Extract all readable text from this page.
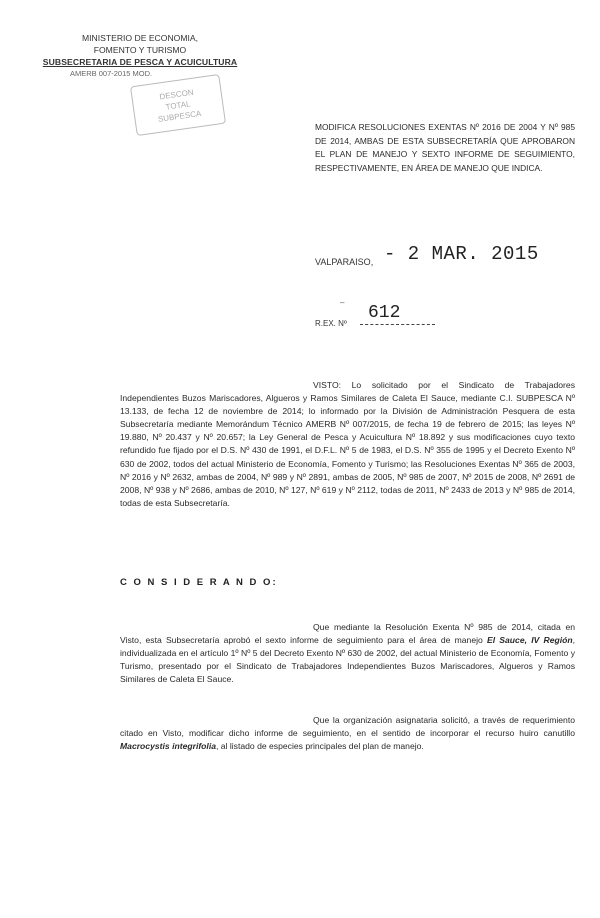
MINISTERIO DE ECONOMIA,
FOMENTO Y TURISMO
SUBSECRETARIA DE PESCA Y ACUICULTURA
AMERB 007-2015 MOD.
DESCON
TOTAL
SUBPESCA
MODIFICA RESOLUCIONES EXENTAS Nº 2016 DE 2004 Y Nº 985 DE 2014, AMBAS DE ESTA SUBSECRETARÍA QUE APROBARON EL PLAN DE MANEJO Y SEXTO INFORME DE SEGUIMIENTO, RESPECTIVAMENTE, EN ÁREA DE MANEJO QUE INDICA.
VALPARAISO, - 2 MAR. 2015
–
R.EX. Nº
612
VISTO: Lo solicitado por el Sindicato de Trabajadores Independientes Buzos Mariscadores, Algueros y Ramos Similares de Caleta El Sauce, mediante C.I. SUBPESCA Nº 13.133, de fecha 12 de noviembre de 2014; lo informado por la División de Administración Pesquera de esta Subsecretaría mediante Memorándum Técnico AMERB Nº 007/2015, de fecha 19 de febrero de 2015; las leyes Nº 19.880, Nº 20.437 y Nº 20.657; la Ley General de Pesca y Acuicultura Nº 18.892 y sus modificaciones cuyo texto refundido fue fijado por el D.S. Nº 430 de 1991, el D.F.L. Nº 5 de 1983, el D.S. Nº 355 de 1995 y el Decreto Exento Nº 630 de 2002, todos del actual Ministerio de Economía, Fomento y Turismo; las Resoluciones Exentas Nº 365 de 2003, Nº 2016 y Nº 2632, ambas de 2004, Nº 989 y Nº 2891, ambas de 2005, Nº 985 de 2007, Nº 2015 de 2008, Nº 2691 de 2008, Nº 938 y Nº 2686, ambas de 2010, Nº 127, Nº 619 y Nº 2112, todas de 2011, Nº 2433 de 2013 y Nº 985 de 2014, todas de esta Subsecretaría.
C O N S I D E R A N D O:
Que mediante la Resolución Exenta Nº 985 de 2014, citada en Visto, esta Subsecretaría aprobó el sexto informe de seguimiento para el área de manejo El Sauce, IV Región, individualizada en el artículo 1º Nº 5 del Decreto Exento Nº 630 de 2002, del actual Ministerio de Economía, Fomento y Turismo, presentado por el Sindicato de Trabajadores Independientes Buzos Mariscadores, Algueros y Ramos Similares de Caleta El Sauce.
Que la organización asignataria solicitó, a través de requerimiento citado en Visto, modificar dicho informe de seguimiento, en el sentido de incorporar el recurso huiro canutillo Macrocystis integrifolia, al listado de especies principales del plan de manejo.
